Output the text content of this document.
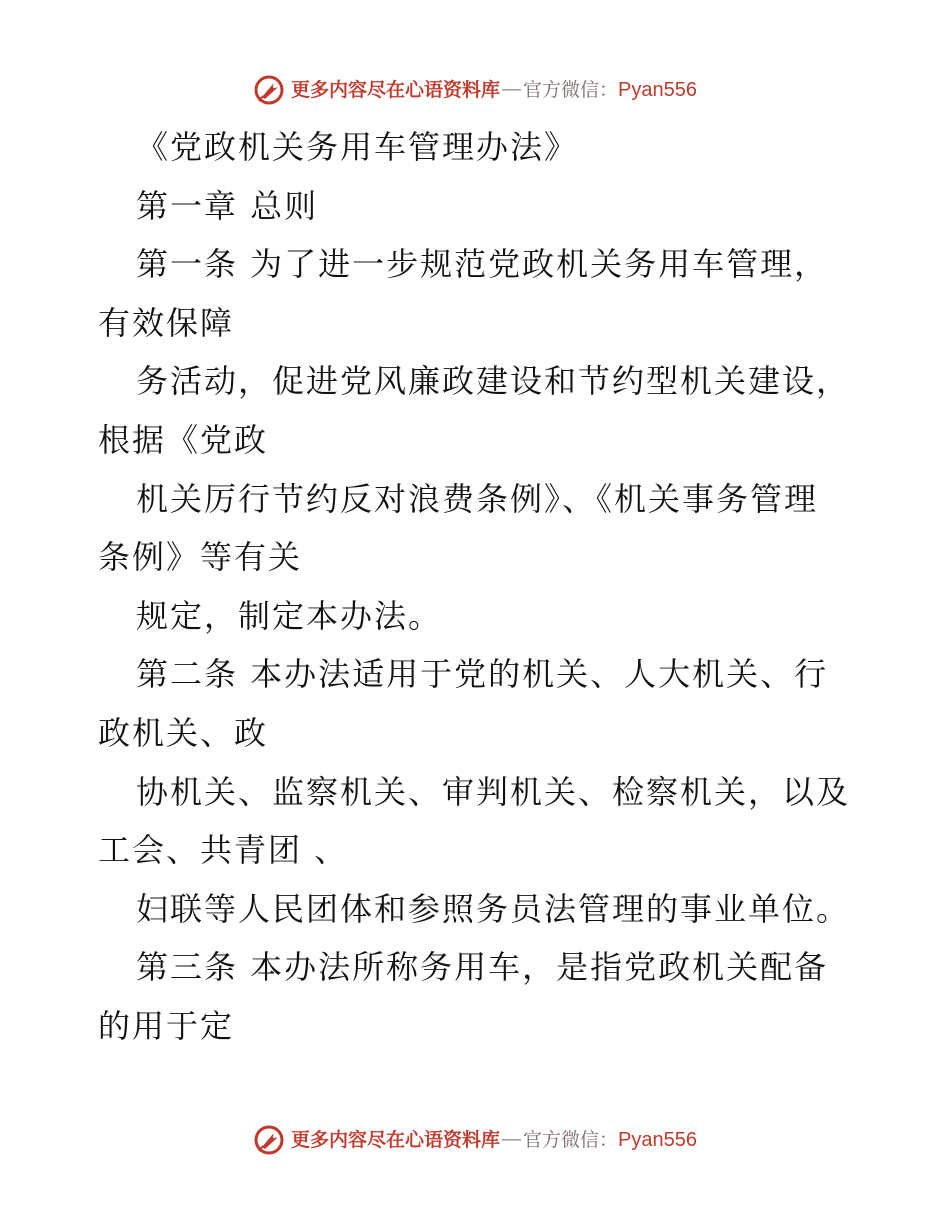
更多内容尽在心语资料库 — 官方微信： Pyan556
《党政机关务用车管理办法》
第一章 总则
第一条 为了进一步规范党政机关务用车管理，
有效保障
务活动，促进党风廉政建设和节约型机关建设，
根据《党政
机关厉行节约反对浪费条例》、《机关事务管理
条例》等有关
规定，制定本办法。
第二条 本办法适用于党的机关、人大机关、行
政机关、政
协机关、监察机关、审判机关、检察机关，以及
工会、共青团 、
妇联等人民团体和参照务员法管理的事业单位。
第三条 本办法所称务用车，是指党政机关配备
的用于定
更多内容尽在心语资料库 — 官方微信： Pyan556
